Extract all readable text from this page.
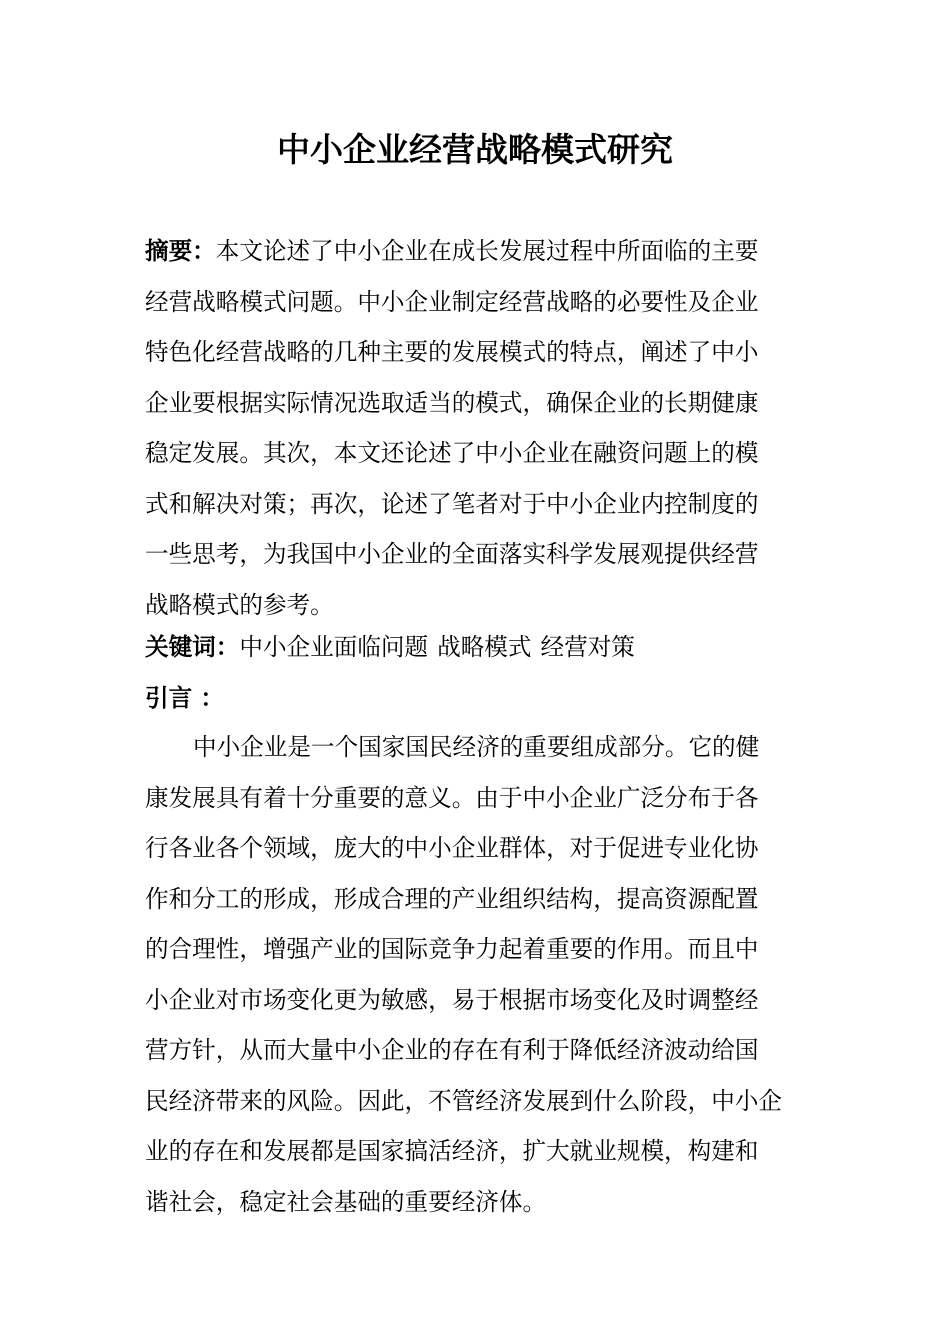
中小企业经营战略模式研究
摘要：本文论述了中小企业在成长发展过程中所面临的主要
经营战略模式问题。中小企业制定经营战略的必要性及企业
特色化经营战略的几种主要的发展模式的特点，阐述了中小
企业要根据实际情况选取适当的模式，确保企业的长期健康
稳定发展。其次，本文还论述了中小企业在融资问题上的模
式和解决对策；再次，论述了笔者对于中小企业内控制度的
一些思考，为我国中小企业的全面落实科学发展观提供经营
战略模式的参考。
关键词：中小企业面临问题 战略模式 经营对策
引言 ：
中小企业是一个国家国民经济的重要组成部分。它的健
康发展具有着十分重要的意义。由于中小企业广泛分布于各
行各业各个领域，庞大的中小企业群体，对于促进专业化协
作和分工的形成，形成合理的产业组织结构，提高资源配置
的合理性，增强产业的国际竞争力起着重要的作用。而且中
小企业对市场变化更为敏感，易于根据市场变化及时调整经
营方针，从而大量中小企业的存在有利于降低经济波动给国
民经济带来的风险。因此，不管经济发展到什么阶段，中小企
业的存在和发展都是国家搞活经济，扩大就业规模，构建和
谐社会，稳定社会基础的重要经济体。
